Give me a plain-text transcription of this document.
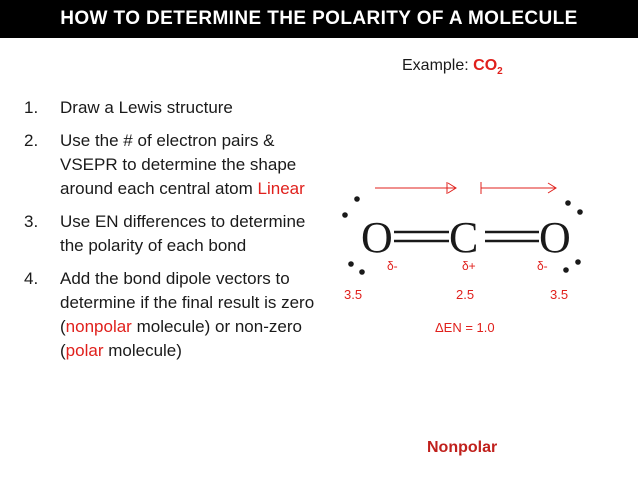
HOW TO DETERMINE THE POLARITY OF A MOLECULE
Example: $CO_2$
1. Draw a Lewis structure
2. Use the # of electron pairs & VSEPR to determine the shape around each central atom Linear
3. Use EN differences to determine the polarity of each bond
4. Add the bond dipole vectors to determine if the final result is zero (nonpolar molecule) or non-zero (polar molecule)
O C O
δ-	δ+	δ-
3.5	2.5	3.5
ΔEN = 1.0
Nonpolar
